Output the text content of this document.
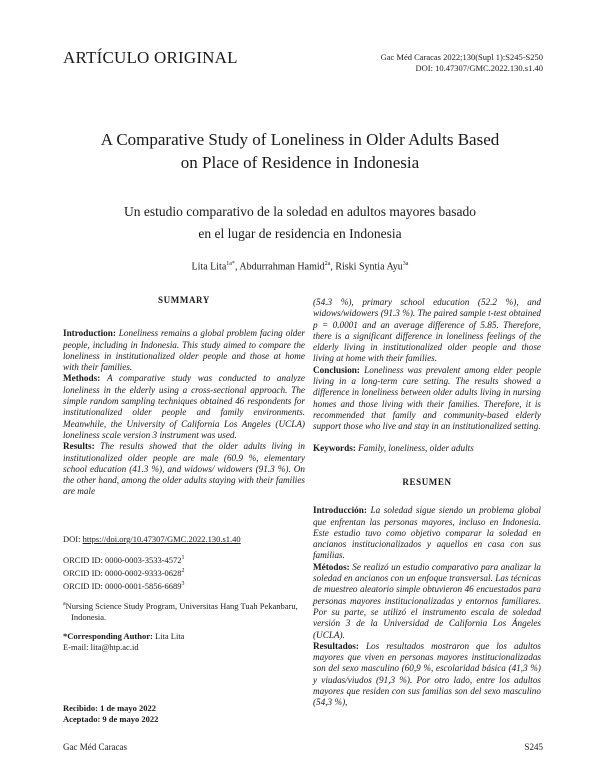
ARTÍCULO ORIGINAL	Gac Méd Caracas 2022;130(Supl 1):S245-S250
DOI: 10.47307/GMC.2022.130.s1.40
A Comparative Study of Loneliness in Older Adults Based
on Place of Residence in Indonesia
Un estudio comparativo de la soledad en adultos mayores basado
en el lugar de residencia en Indonesia
Lita Lita$^{1a*}$, Abdurrahman Hamid$^{2a}$, Riski Syntia Ayu$^{3a}$
SUMMARY

Introduction: Loneliness remains a global problem facing older people, including in Indonesia. This study aimed to compare the loneliness in institutionalized older people and those at home with their families.

Methods: A comparative study was conducted to analyze loneliness in the elderly using a cross-sectional approach. The simple random sampling techniques obtained 46 respondents for institutionalized older people and family environments. Meanwhile, the University of California Los Angeles (UCLA) loneliness scale version 3 instrument was used.

Results: The results showed that the older adults living in institutionalized older people are male (60.9 %, elementary school education (41.3 %), and widows/ widowers (91.3 %). On the other hand, among the older adults staying with their families are male

(54.3 %), primary school education (52.2 %), and widows/widowers (91.3 %). The paired sample t-test obtained p = 0.0001 and an average difference of 5.85. Therefore, there is a significant difference in loneliness feelings of the elderly living in institutionalized older people and those living at home with their families.

Conclusion: Loneliness was prevalent among elder people living in a long-term care setting. The results showed a difference in loneliness between older adults living in nursing homes and those living with their families. Therefore, it is recommended that family and community-based elderly support those who live and stay in an institutionalized setting.

Keywords: Family, loneliness, older adults

RESUMEN

Introducción: La soledad sigue siendo un problema global que enfrentan las personas mayores, incluso en Indonesia. Este estudio tuvo como objetivo comparar la soledad en ancianos institucionalizados y aquellos en casa con sus familias.

Métodos: Se realizó un estudio comparativo para analizar la soledad en ancianos con un enfoque transversal. Las técnicas de muestreo aleatorio simple obtuvieron 46 encuestados para personas mayores institucionalizadas y entornos familiares. Por su parte, se utilizó el instrumento escala de soledad versión 3 de la Universidad de California Los Ángeles (UCLA).

Resultados: Los resultados mostraron que los adultos mayores que viven en personas mayores institucionalizadas son del sexo masculino (60,9 %, escolaridad básica (41,3 %) y viudas/viudos (91,3 %). Por otro lado, entre los adultos mayores que residen con sus familias son del sexo masculino (54,3 %),

DOI: https://doi.org/10.47307/GMC.2022.130.s1.40

ORCID ID: 0000-0003-3533-4572$^1$

ORCID ID: 0000-0002-9333-0628$^2$

ORCID ID: 0000-0001-5856-6689$^3$

$^a$Nursing Science Study Program, Universitas Hang Tuah Pekanbaru, Indonesia.

*Corresponding Author: Lita Lita

E-mail: lita@htp.ac.id

Recibido: 1 de mayo 2022

Aceptado: 9 de mayo 2022

Gac Méd Caracas	S245
